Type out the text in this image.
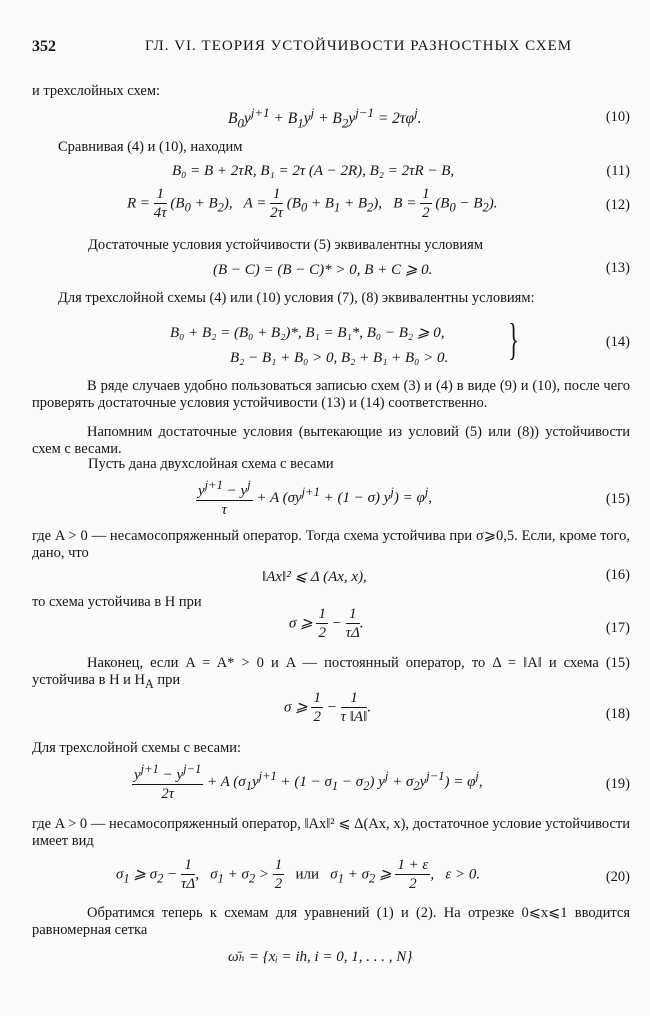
352	ГЛ. VI. ТЕОРИЯ УСТОЙЧИВОСТИ РАЗНОСТНЫХ СХЕМ
и трехслойных схем:
$B_0y^{j+1} + B_1y^j + B_2y^{j-1} = 2\tau\varphi^j$.	(10)
Сравнивая (4) и (10), находим
B₀ = B + 2τR, B₁ = 2τ (A − 2R), B₂ = 2τR − B,	(11)
$R = \frac{1}{4\tau} (B_0 + B_2)$,   $A = \frac{1}{2\tau} (B_0 + B_1 + B_2)$,   $B = \frac{1}{2} (B_0 - B_2)$.	(12)
Достаточные условия устойчивости (5) эквивалентны условиям
(B − C) = (B − C)* > 0, B + C ⩾ 0.	(13)
Для трехслойной схемы (4) или (10) условия (7), (8) эквивалентны условиям:
B₀ + B₂ = (B₀ + B₂)*, B₁ = B₁*, B₀ − B₂ ⩾ 0,
B₂ − B₁ + B₀ > 0, B₂ + B₁ + B₀ > 0. }	(14)
В ряде случаев удобно пользоваться записью схем (3) и (4) в виде (9) и (10), после чего проверять достаточные условия устойчивости (13) и (14) соответственно.
Напомним достаточные условия (вытекающие из условий (5) или (8)) устойчивости схем с весами.
Пусть дана двухслойная схема с весами
$\frac{y^{j+1} - y^j}{\tau} + A$ $(\sigma y^{j+1} + (1 - \sigma) y^j) = \varphi^j$,	(15)
где A > 0 — несамосопряженный оператор. Тогда схема устойчива при σ⩾0,5. Если, кроме того, дано, что
‖Ax‖² ⩽ Δ (Ax, x),	(16)
то схема устойчива в H при
σ ⩾ $\frac{1}{2} - \frac{1}{\tau\Delta}$ .	(17)
Наконец, если A = A* > 0 и A — постоянный оператор, то Δ = ‖A‖ и схема (15) устойчива в H и $H_A$ при
σ ⩾ $\frac{1}{2} - \frac{1}{\tau ‖A‖}$ .	(18)
Для трехслойной схемы с весами:
$\frac{y^{j+1} - y^{j-1}}{2\tau} + A$ $(\sigma_1y^{j+1} + (1 - \sigma_1 - \sigma_2) y^j + \sigma_2y^{j-1}) = \varphi^j$,	(19)
где A > 0 — несамосопряженный оператор, ‖Ax‖² ⩽ Δ(Ax, x), достаточное условие устойчивости имеет вид
$\sigma_1$ ⩾ $\sigma_2 - \frac{1}{\tau\Delta}$ ,   $\sigma_1 + \sigma_2 > \frac{1}{2}$ или   $\sigma_1 + \sigma_2$ ⩾ $\frac{1 + \varepsilon}{2}$ ,   ε > 0.	(20)
Обратимся теперь к схемам для уравнений (1) и (2). На отрезке 0⩽x⩽1 вводится равномерная сетка
ω̄ₕ = {xᵢ = ih, i = 0, 1, . . . , N}
